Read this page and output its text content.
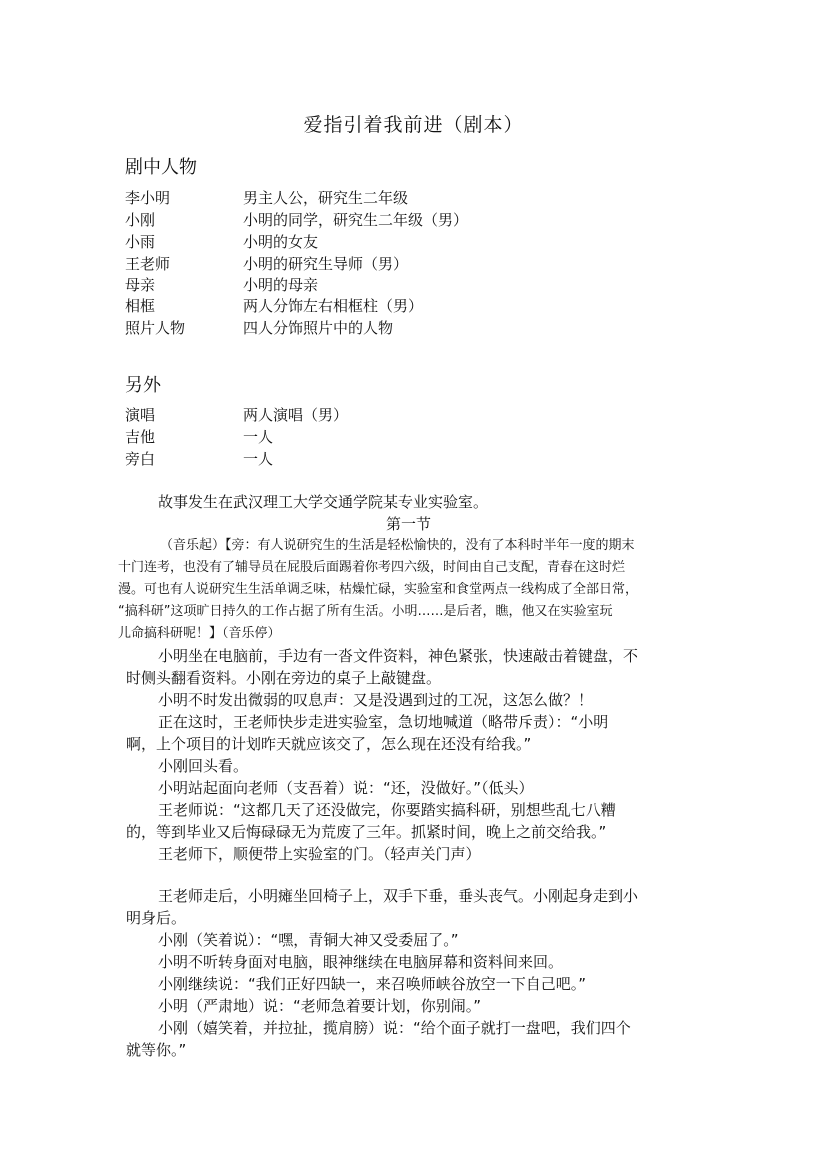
爱指引着我前进（剧本）
剧中人物
李小明	男主人公，研究生二年级
小刚	小明的同学，研究生二年级（男）
小雨	小明的女友
王老师	小明的研究生导师（男）
母亲	小明的母亲
相框	两人分饰左右相框柱（男）
照片人物	四人分饰照片中的人物
另外
演唱	两人演唱（男）
吉他	一人
旁白	一人
故事发生在武汉理工大学交通学院某专业实验室。
第一节
（音乐起）【旁：有人说研究生的生活是轻松愉快的，没有了本科时半年一度的期末
十门连考，也没有了辅导员在屁股后面踢着你考四六级，时间由自己支配，青春在这时烂
漫。可也有人说研究生生活单调乏味，枯燥忙碌，实验室和食堂两点一线构成了全部日常，
“搞科研”这项旷日持久的工作占据了所有生活。小明……是后者，瞧，他又在实验室玩
儿命搞科研呢！】（音乐停）
小明坐在电脑前，手边有一沓文件资料，神色紧张，快速敲击着键盘，不
时侧头翻看资料。小刚在旁边的桌子上敲键盘。
小明不时发出微弱的叹息声：又是没遇到过的工况，这怎么做？！
正在这时，王老师快步走进实验室，急切地喊道（略带斥责）：“小明
啊，上个项目的计划昨天就应该交了，怎么现在还没有给我。”
小刚回头看。
小明站起面向老师（支吾着）说：“还，没做好。”（低头）
王老师说：“这都几天了还没做完，你要踏实搞科研，别想些乱七八糟
的，等到毕业又后悔碌碌无为荒废了三年。抓紧时间，晚上之前交给我。”
王老师下，顺便带上实验室的门。（轻声关门声）
王老师走后，小明瘫坐回椅子上，双手下垂，垂头丧气。小刚起身走到小
明身后。
小刚（笑着说）：“嘿，青铜大神又受委屈了。”
小明不听转身面对电脑，眼神继续在电脑屏幕和资料间来回。
小刚继续说：“我们正好四缺一，来召唤师峡谷放空一下自己吧。”
小明（严肃地）说：“老师急着要计划，你别闹。”
小刚（嬉笑着，并拉扯，揽肩膀）说：“给个面子就打一盘吧，我们四个
就等你。”
